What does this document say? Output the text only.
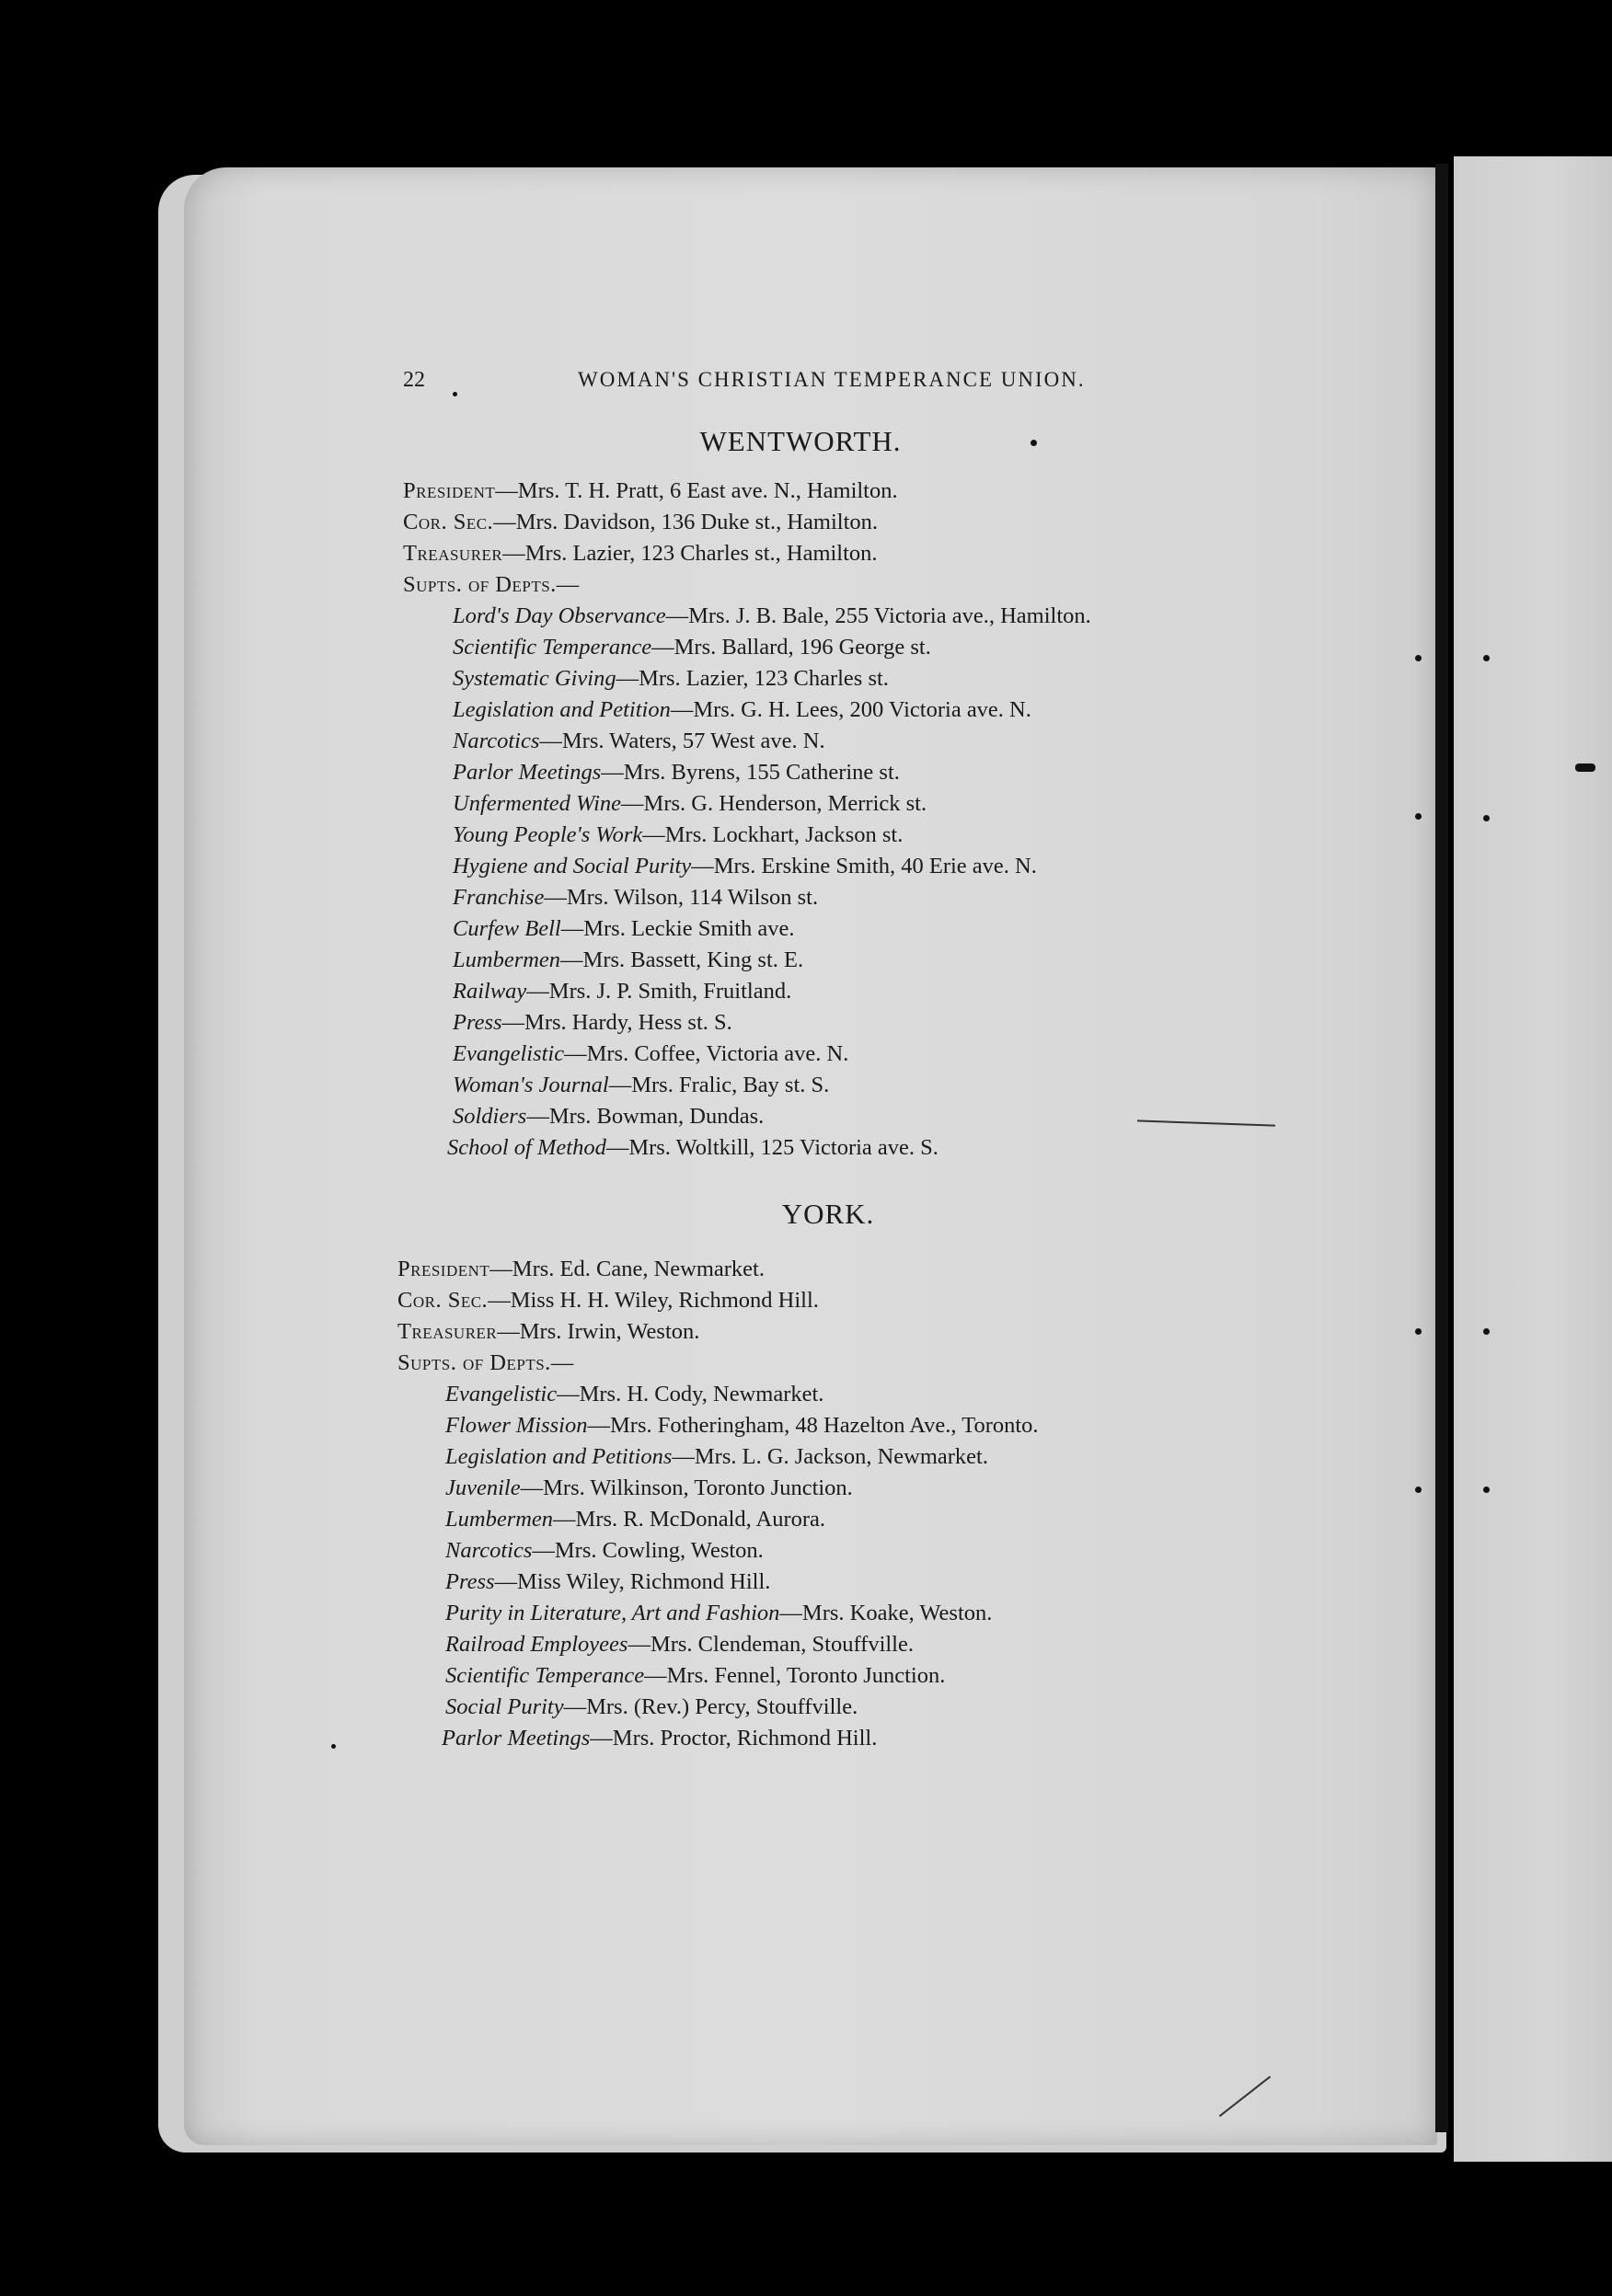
22	WOMAN'S CHRISTIAN TEMPERANCE UNION.
WENTWORTH.
President—Mrs. T. H. Pratt, 6 East ave. N., Hamilton.
Cor. Sec.—Mrs. Davidson, 136 Duke st., Hamilton.
Treasurer—Mrs. Lazier, 123 Charles st., Hamilton.
Supts. of Depts.—
Lord's Day Observance—Mrs. J. B. Bale, 255 Victoria ave., Hamilton.
Scientific Temperance—Mrs. Ballard, 196 George st.
Systematic Giving—Mrs. Lazier, 123 Charles st.
Legislation and Petition—Mrs. G. H. Lees, 200 Victoria ave. N.
Narcotics—Mrs. Waters, 57 West ave. N.
Parlor Meetings—Mrs. Byrens, 155 Catherine st.
Unfermented Wine—Mrs. G. Henderson, Merrick st.
Young People's Work—Mrs. Lockhart, Jackson st.
Hygiene and Social Purity—Mrs. Erskine Smith, 40 Erie ave. N.
Franchise—Mrs. Wilson, 114 Wilson st.
Curfew Bell—Mrs. Leckie Smith ave.
Lumbermen—Mrs. Bassett, King st. E.
Railway—Mrs. J. P. Smith, Fruitland.
Press—Mrs. Hardy, Hess st. S.
Evangelistic—Mrs. Coffee, Victoria ave. N.
Woman's Journal—Mrs. Fralic, Bay st. S.
Soldiers—Mrs. Bowman, Dundas.
School of Method—Mrs. Woltkill, 125 Victoria ave. S.
YORK.
President—Mrs. Ed. Cane, Newmarket.
Cor. Sec.—Miss H. H. Wiley, Richmond Hill.
Treasurer—Mrs. Irwin, Weston.
Supts. of Depts.—
Evangelistic—Mrs. H. Cody, Newmarket.
Flower Mission—Mrs. Fotheringham, 48 Hazelton Ave., Toronto.
Legislation and Petitions—Mrs. L. G. Jackson, Newmarket.
Juvenile—Mrs. Wilkinson, Toronto Junction.
Lumbermen—Mrs. R. McDonald, Aurora.
Narcotics—Mrs. Cowling, Weston.
Press—Miss Wiley, Richmond Hill.
Purity in Literature, Art and Fashion—Mrs. Koake, Weston.
Railroad Employees—Mrs. Clendeman, Stouffville.
Scientific Temperance—Mrs. Fennel, Toronto Junction.
Social Purity—Mrs. (Rev.) Percy, Stouffville.
Parlor Meetings—Mrs. Proctor, Richmond Hill.
